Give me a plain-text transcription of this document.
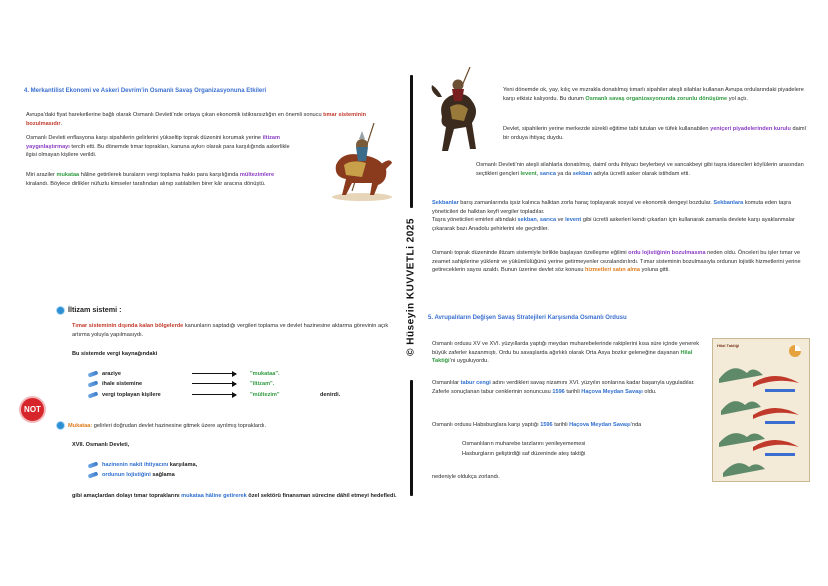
4. Merkantilist Ekonomi ve Askeri Devrim’in Osmanlı Savaş Organizasyonuna Etkileri
Avrupa’daki fiyat hareketlerine bağlı olarak Osmanlı Devleti’nde ortaya çıkan ekonomik istikrarsızlığın en önemli sonucu tımar sisteminin bozulmasıdır.
Osmanlı Devleti enflasyona karşı sipahilerin gelirlerini yükseltip toprak düzenini korumak yerine iltizam yaygınlaştırmayı tercih etti. Bu dönemde tımar toprakları, kanuna aykırı olarak para karşılığında askerlikle ilgisi olmayan kişilere verildi.
Miri araziler mukataa hâline getirilerek buraların vergi toplama hakkı para karşılığında mültezimlere kiralandı. Böylece dirlikler nüfuzlu kimseler tarafından alınıp satılabilen birer kâr aracına dönüştü.
İltizam sistemi :
Tımar sisteminin dışında kalan bölgelerde kanunların saptadığı vergileri toplama ve devlet hazinesine aktarma görevinin açık artırma yoluyla yapılmasıydı.
Bu sistemde vergi kaynağındaki
araziye	"mukataa".
ihale sistemine	"iltizam".
vergi toplayan kişilere	"mültezim"	denirdi.
NOT
Mukataa: gelirleri doğrudan devlet hazinesine gitmek üzere ayrılmış topraklardı.
XVII. Osmanlı Devleti,
hazinenin nakit ihtiyacını karşılama,
ordunun lojistiğini sağlama
gibi amaçlardan dolayı tımar topraklarını mukataa hâline getirerek özel sektörü finansman sürecine dâhil etmeyi hedefledi.
© Hüseyin KUVVETLi 2025
Yeni dönemde ok, yay, kılıç ve mızrakla donatılmış tımarlı sipahiler ateşli silahlar kullanan Avrupa ordularındaki piyadelere karşı etkisiz kalıyordu. Bu durum Osmanlı savaş organizasyonunda zorunlu dönüşüme yol açtı.
Devlet, sipahilerin yerine merkezde sürekli eğitime tabi tutulan ve tüfek kullanabilen yeniçeri piyadelerinden kurulu daimî bir orduya ihtiyaç duydu.
Osmanlı Devleti’nin ateşli silahlarla donatılmış, daimî ordu ihtiyacı beylerbeyi ve sancakbeyi gibi taşra idarecileri köylülerin arasından seçtikleri gençleri levent, sarıca ya da sekban adıyla ücretli asker olarak istihdam etti.
Sekbanlar barış zamanlarında işsiz kalınca halktan zorla haraç toplayarak sosyal ve ekonomik dengeyi bozdular. Sekbanlara komuta eden taşra yöneticileri de halktan keyfi vergiler topladılar.
Taşra yöneticileri emirleri altındaki sekban, sarıca ve levent gibi ücretli askerleri kendi çıkarları için kullanarak zamanla devlete karşı ayaklanmalar çıkararak bazı Anadolu şehirlerini ele geçirdiler.
Osmanlı toprak düzeninde iltizam sistemiyle birlikte başlayan özelleşme eğilimi ordu lojistiğinin bozulmasına neden oldu. Önceleri bu işler tımar ve zeamet sahiplerine yüklenir ve yükümlülüğünü yerine getirmeyenler cezalandırılırdı. Tımar sisteminin bozulmasıyla ordunun lojistik hizmetlerini yerine getireceklerin sayısı azaldı. Bunun üzerine devlet söz konusu hizmetleri satın alma yoluna gitti.
5. Avrupalıların Değişen Savaş Stratejileri Karşısında Osmanlı Ordusu
Osmanlı ordusu XV ve XVI. yüzyıllarda yaptığı meydan muharebelerinde rakiplerini kısa süre içinde yenerek büyük zaferler kazanmıştı. Ordu bu savaşlarda ağırlıklı olarak Orta Asya bozkır geleneğine dayanan Hilal Taktiği’ni uyguluyordu.
Osmanlılar tabur cengi adını verdikleri savaş nizamını XVI. yüzyılın sonlarına kadar başarıyla uyguladılar. Zaferle sonuçlanan tabur cenklerinin sonuncusu 1596 tarihli Haçova Meydan Savaşı oldu.
Osmanlı ordusu Habsburglara karşı yaptığı 1596 tarihli Haçova Meydan Savaşı’nda
Osmanlıların muharebe tarzlarını yenileyememesi
Hasburgların geliştirdiği saf düzeninde ateş taktiği
nedeniyle oldukça zorlandı.
Hilal Taktiği
